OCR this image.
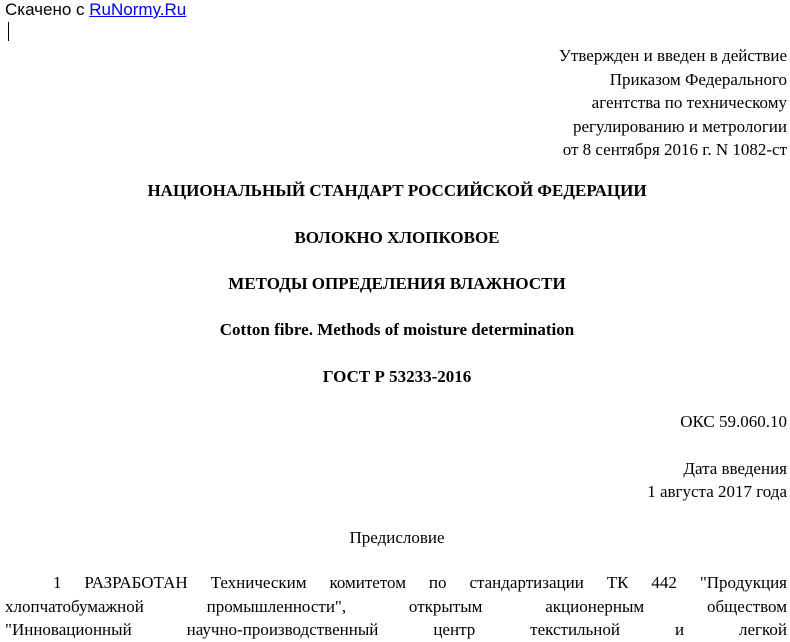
Скачено с RuNormy.Ru
Утвержден и введен в действие
Приказом Федерального
агентства по техническому
регулированию и метрологии
от 8 сентября 2016 г. N 1082-ст
НАЦИОНАЛЬНЫЙ СТАНДАРТ РОССИЙСКОЙ ФЕДЕРАЦИИ
ВОЛОКНО ХЛОПКОВОЕ
МЕТОДЫ ОПРЕДЕЛЕНИЯ ВЛАЖНОСТИ
Cotton fibre. Methods of moisture determination
ГОСТ Р 53233-2016
ОКС 59.060.10
Дата введения
1 августа 2017 года
Предисловие
1 РАЗРАБОТАН Техническим комитетом по стандартизации ТК 442 "Продукция
хлопчатобумажной промышленности", открытым акционерным обществом
"Инновационный научно-производственный центр текстильной и легкой
